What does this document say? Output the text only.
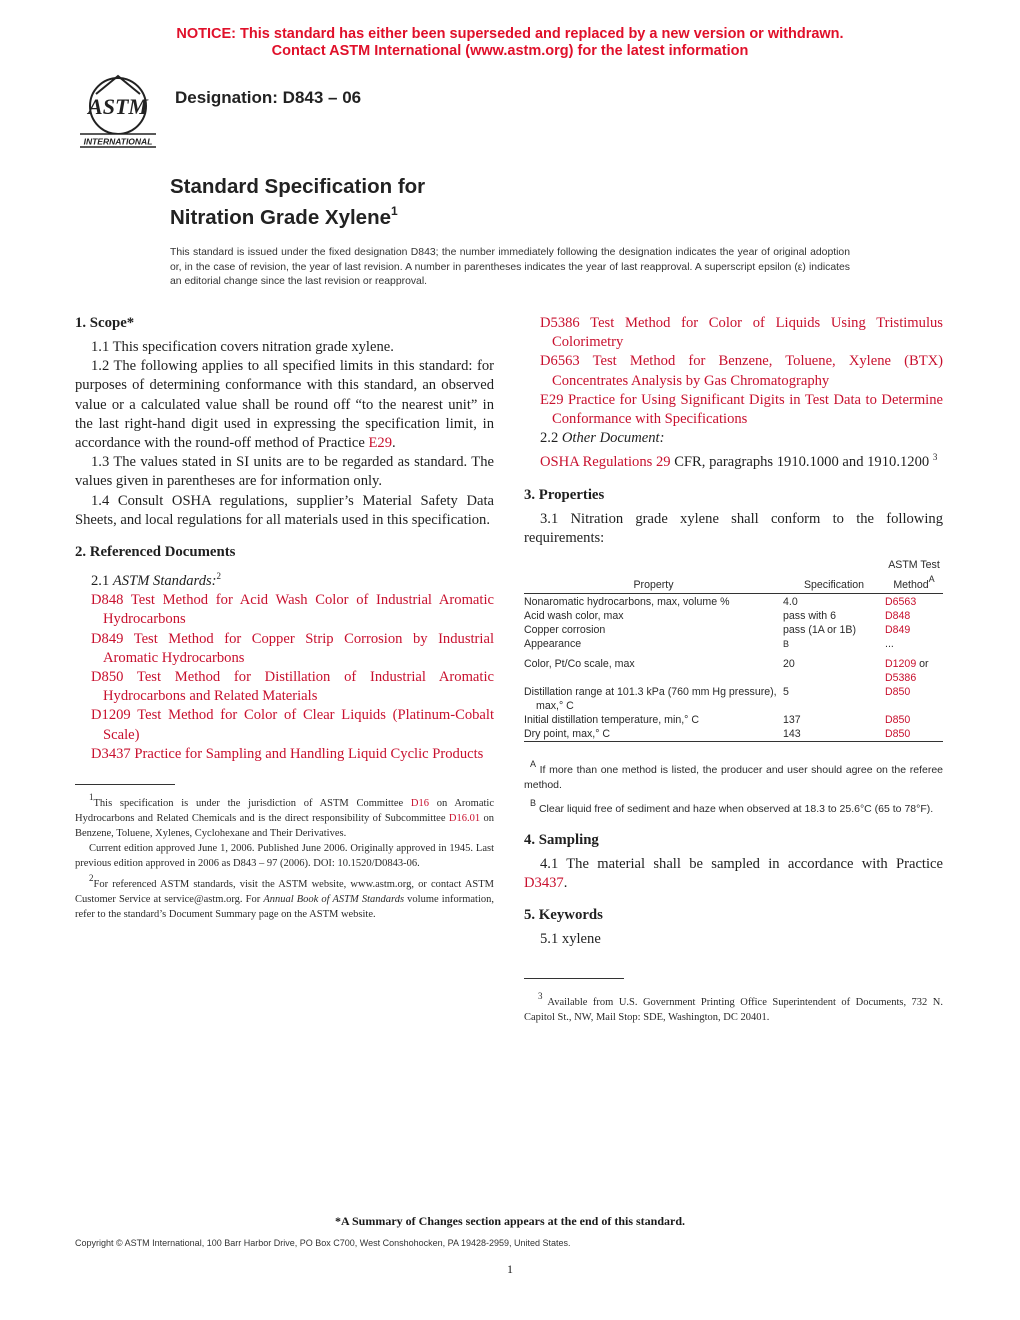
NOTICE: This standard has either been superseded and replaced by a new version or withdrawn.
Contact ASTM International (www.astm.org) for the latest information
ASTM
INTERNATIONAL
Designation: D843 – 06
Standard Specification for
Nitration Grade Xylene$^1$
This standard is issued under the fixed designation D843; the number immediately following the designation indicates the year of original adoption or, in the case of revision, the year of last revision. A number in parentheses indicates the year of last reapproval. A superscript epsilon (ε) indicates an editorial change since the last revision or reapproval.
1. Scope*

1.1 This specification covers nitration grade xylene.

1.2 The following applies to all specified limits in this standard: for purposes of determining conformance with this standard, an observed value or a calculated value shall be round off “to the nearest unit” in the last right-hand digit used in expressing the specification limit, in accordance with the round-off method of Practice E29.

1.3 The values stated in SI units are to be regarded as standard. The values given in parentheses are for information only.

1.4 Consult OSHA regulations, supplier’s Material Safety Data Sheets, and local regulations for all materials used in this specification.

2. Referenced Documents

2.1 ASTM Standards:$^2$

D848 Test Method for Acid Wash Color of Industrial Aromatic Hydrocarbons

D849 Test Method for Copper Strip Corrosion by Industrial Aromatic Hydrocarbons

D850 Test Method for Distillation of Industrial Aromatic Hydrocarbons and Related Materials

D1209 Test Method for Color of Clear Liquids (Platinum-Cobalt Scale)

D3437 Practice for Sampling and Handling Liquid Cyclic Products

$^1$This specification is under the jurisdiction of ASTM Committee D16 on Aromatic Hydrocarbons and Related Chemicals and is the direct responsibility of Subcommittee D16.01 on Benzene, Toluene, Xylenes, Cyclohexane and Their Derivatives.

Current edition approved June 1, 2006. Published June 2006. Originally approved in 1945. Last previous edition approved in 2006 as D843 – 97 (2006). DOI: 10.1520/D0843-06.

$^2$For referenced ASTM standards, visit the ASTM website, www.astm.org, or contact ASTM Customer Service at service@astm.org. For Annual Book of ASTM Standards volume information, refer to the standard’s Document Summary page on the ASTM website.

D5386 Test Method for Color of Liquids Using Tristimulus Colorimetry

D6563 Test Method for Benzene, Toluene, Xylene (BTX) Concentrates Analysis by Gas Chromatography

E29 Practice for Using Significant Digits in Test Data to Determine Conformance with Specifications

2.2 Other Document:

OSHA Regulations 29 CFR, paragraphs 1910.1000 and 1910.1200 $^3$

3. Properties

3.1 Nitration grade xylene shall conform to the following requirements:

Property	Specification	ASTM Test
Method$^A$

Nonaromatic hydrocarbons, max, volume %	4.0	D6563
Acid wash color, max	pass with 6	D848
Copper corrosion	pass (1A or 1B)	D849
Appearance	$^B$	...
Color, Pt/Co scale, max	20	D1209 or
D5386
Distillation range at 101.3 kPa (760 mm Hg pressure), max,° C	5	D850
Initial distillation temperature, min,° C	137	D850
Dry point, max,° C	143	D850

$^A$ If more than one method is listed, the producer and user should agree on the referee method.

$^B$ Clear liquid free of sediment and haze when observed at 18.3 to 25.6°C (65 to 78°F).

4. Sampling

4.1 The material shall be sampled in accordance with Practice D3437.

5. Keywords

5.1 xylene

$^3$ Available from U.S. Government Printing Office Superintendent of Documents, 732 N. Capitol St., NW, Mail Stop: SDE, Washington, DC 20401.

*A Summary of Changes section appears at the end of this standard.
Copyright © ASTM International, 100 Barr Harbor Drive, PO Box C700, West Conshohocken, PA 19428-2959, United States.
1
